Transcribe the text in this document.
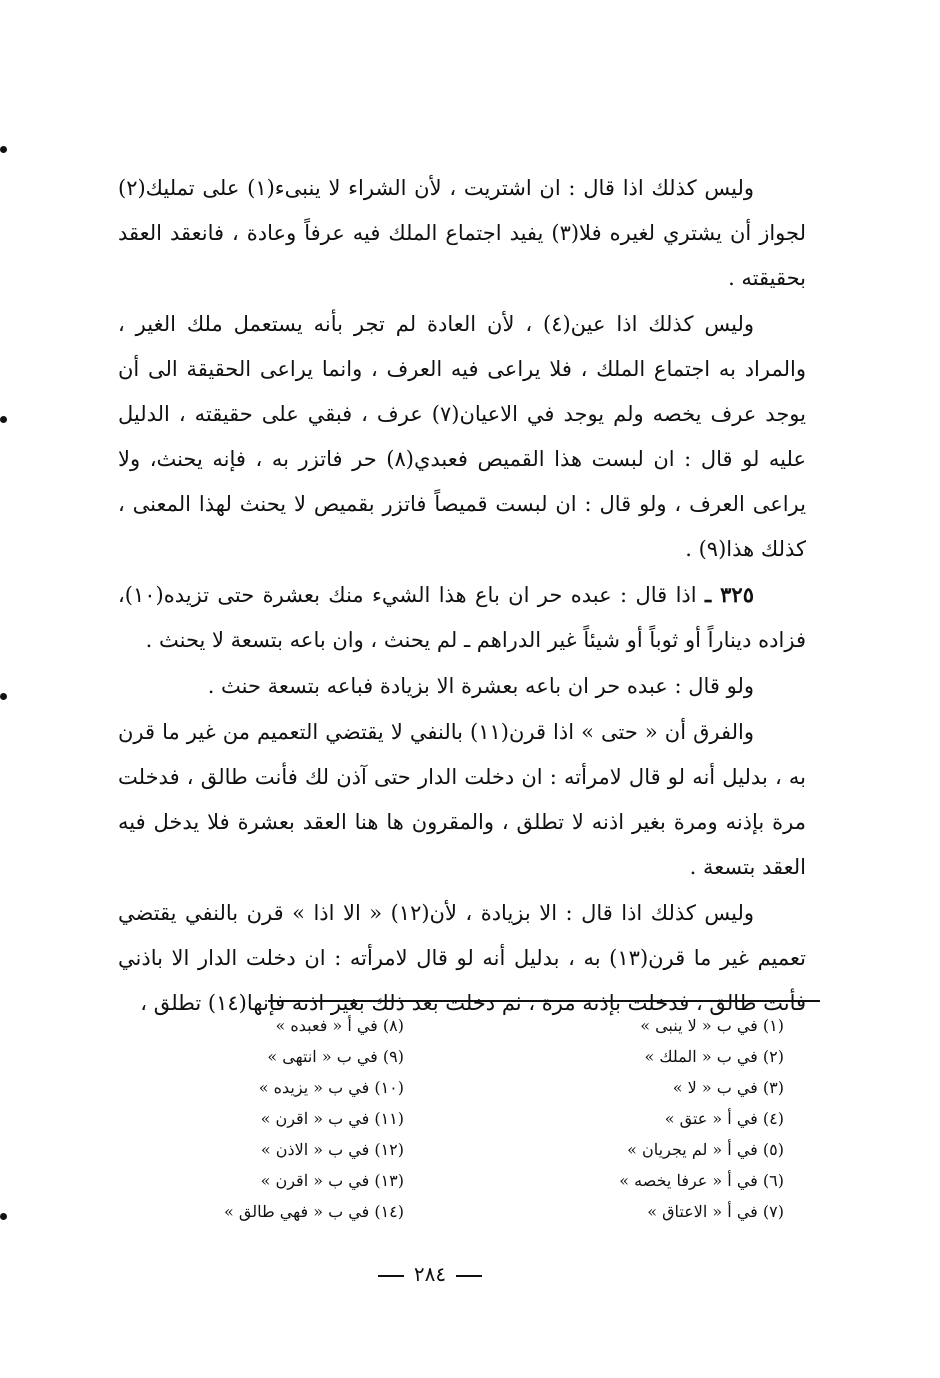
وليس كذلك اذا قال : ان اشتريت ، لأن الشراء لا ينبىء(١) على تمليك(٢) لجواز أن يشتري لغيره فلا(٣) يفيد اجتماع الملك فيه عرفاً وعادة ، فانعقد العقد بحقيقته .

وليس كذلك اذا عين(٤) ، لأن العادة لم تجر بأنه يستعمل ملك الغير ، والمراد به اجتماع الملك ، فلا يراعى فيه العرف ، وانما يراعى الحقيقة الى أن يوجد عرف يخصه ولم يوجد في الاعيان(٧) عرف ، فبقي على حقيقته ، الدليل عليه لو قال : ان لبست هذا القميص فعبدي(٨) حر فاتزر به ، فإنه يحنث، ولا يراعى العرف ، ولو قال : ان لبست قميصاً فاتزر بقميص لا يحنث لهذا المعنى ، كذلك هذا(٩) .

٣٢٥ ـ اذا قال : عبده حر ان باع هذا الشيء منك بعشرة حتى تزيده(١٠)، فزاده ديناراً أو ثوباً أو شيئاً غير الدراهم ـ لم يحنث ، وان باعه بتسعة لا يحنث .

ولو قال : عبده حر ان باعه بعشرة الا بزيادة فباعه بتسعة حنث .

والفرق أن « حتى » اذا قرن(١١) بالنفي لا يقتضي التعميم من غير ما قرن به ، بدليل أنه لو قال لامرأته : ان دخلت الدار حتى آذن لك فأنت طالق ، فدخلت مرة بإذنه ومرة بغير اذنه لا تطلق ، والمقرون ها هنا العقد بعشرة فلا يدخل فيه العقد بتسعة .

وليس كذلك اذا قال : الا بزيادة ، لأن(١٢) « الا اذا » قرن بالنفي يقتضي تعميم غير ما قرن(١٣) به ، بدليل أنه لو قال لامرأته : ان دخلت الدار الا باذني فأنت طالق ، فدخلت بإذنه مرة ، ثم دخلت بعد ذلك بغير اذنه فإنها(١٤) تطلق ،

(١) في ب « لا ينبى »
(٢) في ب « الملك »
(٣) في ب « لا »
(٤) في أ « عتق »
(٥) في أ « لم يجريان »
(٦) في أ « عرفا يخصه »
(٧) في أ « الاعتاق »
(٨) في أ « فعبده »
(٩) في ب « انتهى »
(١٠) في ب « يزيده »
(١١) في ب « اقرن »
(١٢) في ب « الاذن »
(١٣) في ب « اقرن »
(١٤) في ب « فهي طالق »
٢٨٤
